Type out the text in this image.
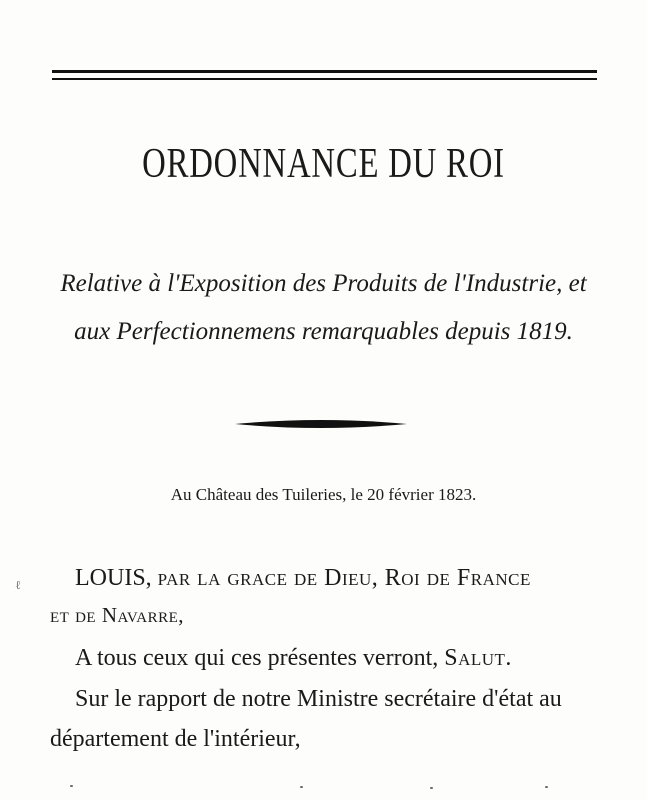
ORDONNANCE DU ROI
Relative à l'Exposition des Produits de l'Industrie, et
aux Perfectionnemens remarquables depuis 1819.
Au Château des Tuileries, le 20 février 1823.
ℓ LOUIS, par la grace de Dieu, Roi de France
et de Navarre,
A tous ceux qui ces présentes verront, Salut.
Sur le rapport de notre Ministre secrétaire d'état au
département de l'intérieur,
